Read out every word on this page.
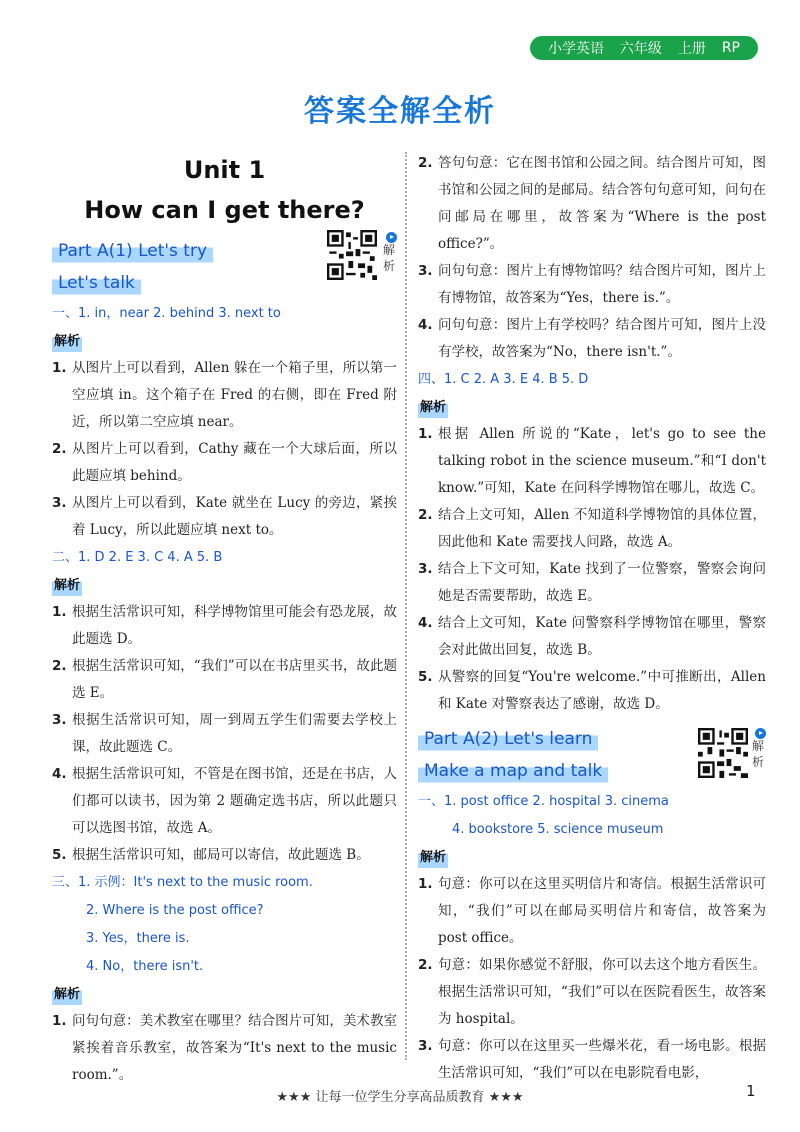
小学英语 六年级 上册 RP
答案全解全析
Unit 1
How can I get there?
Part A(1) Let's try
Let's talk
解析
一、1. in，near 2. behind 3. next to
解析
1. 从图片上可以看到，Allen 躲在一个箱子里，所以第一空应填 in。这个箱子在 Fred 的右侧，即在 Fred 附近，所以第二空应填 near。
2. 从图片上可以看到，Cathy 藏在一个大球后面，所以此题应填 behind。
3. 从图片上可以看到，Kate 就坐在 Lucy 的旁边，紧挨着 Lucy，所以此题应填 next to。
二、1. D 2. E 3. C 4. A 5. B
解析
1. 根据生活常识可知，科学博物馆里可能会有恐龙展，故此题选 D。
2. 根据生活常识可知，“我们”可以在书店里买书，故此题选 E。
3. 根据生活常识可知，周一到周五学生们需要去学校上课，故此题选 C。
4. 根据生活常识可知，不管是在图书馆，还是在书店，人们都可以读书，因为第 2 题确定选书店，所以此题只可以选图书馆，故选 A。
5. 根据生活常识可知，邮局可以寄信，故此题选 B。
三、1. 示例：It's next to the music room.
2. Where is the post office?
3. Yes，there is.
4. No，there isn't.
解析
1. 问句句意：美术教室在哪里？结合图片可知，美术教室紧挨着音乐教室，故答案为“It's next to the music room.”。
2. 答句句意：它在图书馆和公园之间。结合图片可知，图书馆和公园之间的是邮局。结合答句句意可知，问句在问邮局在哪里，故答案为“Where is the post office?”。
3. 问句句意：图片上有博物馆吗？结合图片可知，图片上有博物馆，故答案为“Yes，there is.”。
4. 问句句意：图片上有学校吗？结合图片可知，图片上没有学校，故答案为“No，there isn't.”。
四、1. C 2. A 3. E 4. B 5. D
解析
1. 根据 Allen 所说的“Kate，let's go to see the talking robot in the science museum.”和“I don't know.”可知，Kate 在问科学博物馆在哪儿，故选 C。
2. 结合上文可知，Allen 不知道科学博物馆的具体位置，因此他和 Kate 需要找人问路，故选 A。
3. 结合上下文可知，Kate 找到了一位警察，警察会询问她是否需要帮助，故选 E。
4. 结合上文可知，Kate 问警察科学博物馆在哪里，警察会对此做出回复，故选 B。
5. 从警察的回复“You're welcome.”中可推断出，Allen 和 Kate 对警察表达了感谢，故选 D。
Part A(2) Let's learn
Make a map and talk
解析
一、1. post office 2. hospital 3. cinema
4. bookstore 5. science museum
解析
1. 句意：你可以在这里买明信片和寄信。根据生活常识可知，“我们”可以在邮局买明信片和寄信，故答案为 post office。
2. 句意：如果你感觉不舒服，你可以去这个地方看医生。根据生活常识可知，“我们”可以在医院看医生，故答案为 hospital。
3. 句意：你可以在这里买一些爆米花，看一场电影。根据生活常识可知，“我们”可以在电影院看电影，
★★★ 让每一位学生分享高品质教育 ★★★	1
